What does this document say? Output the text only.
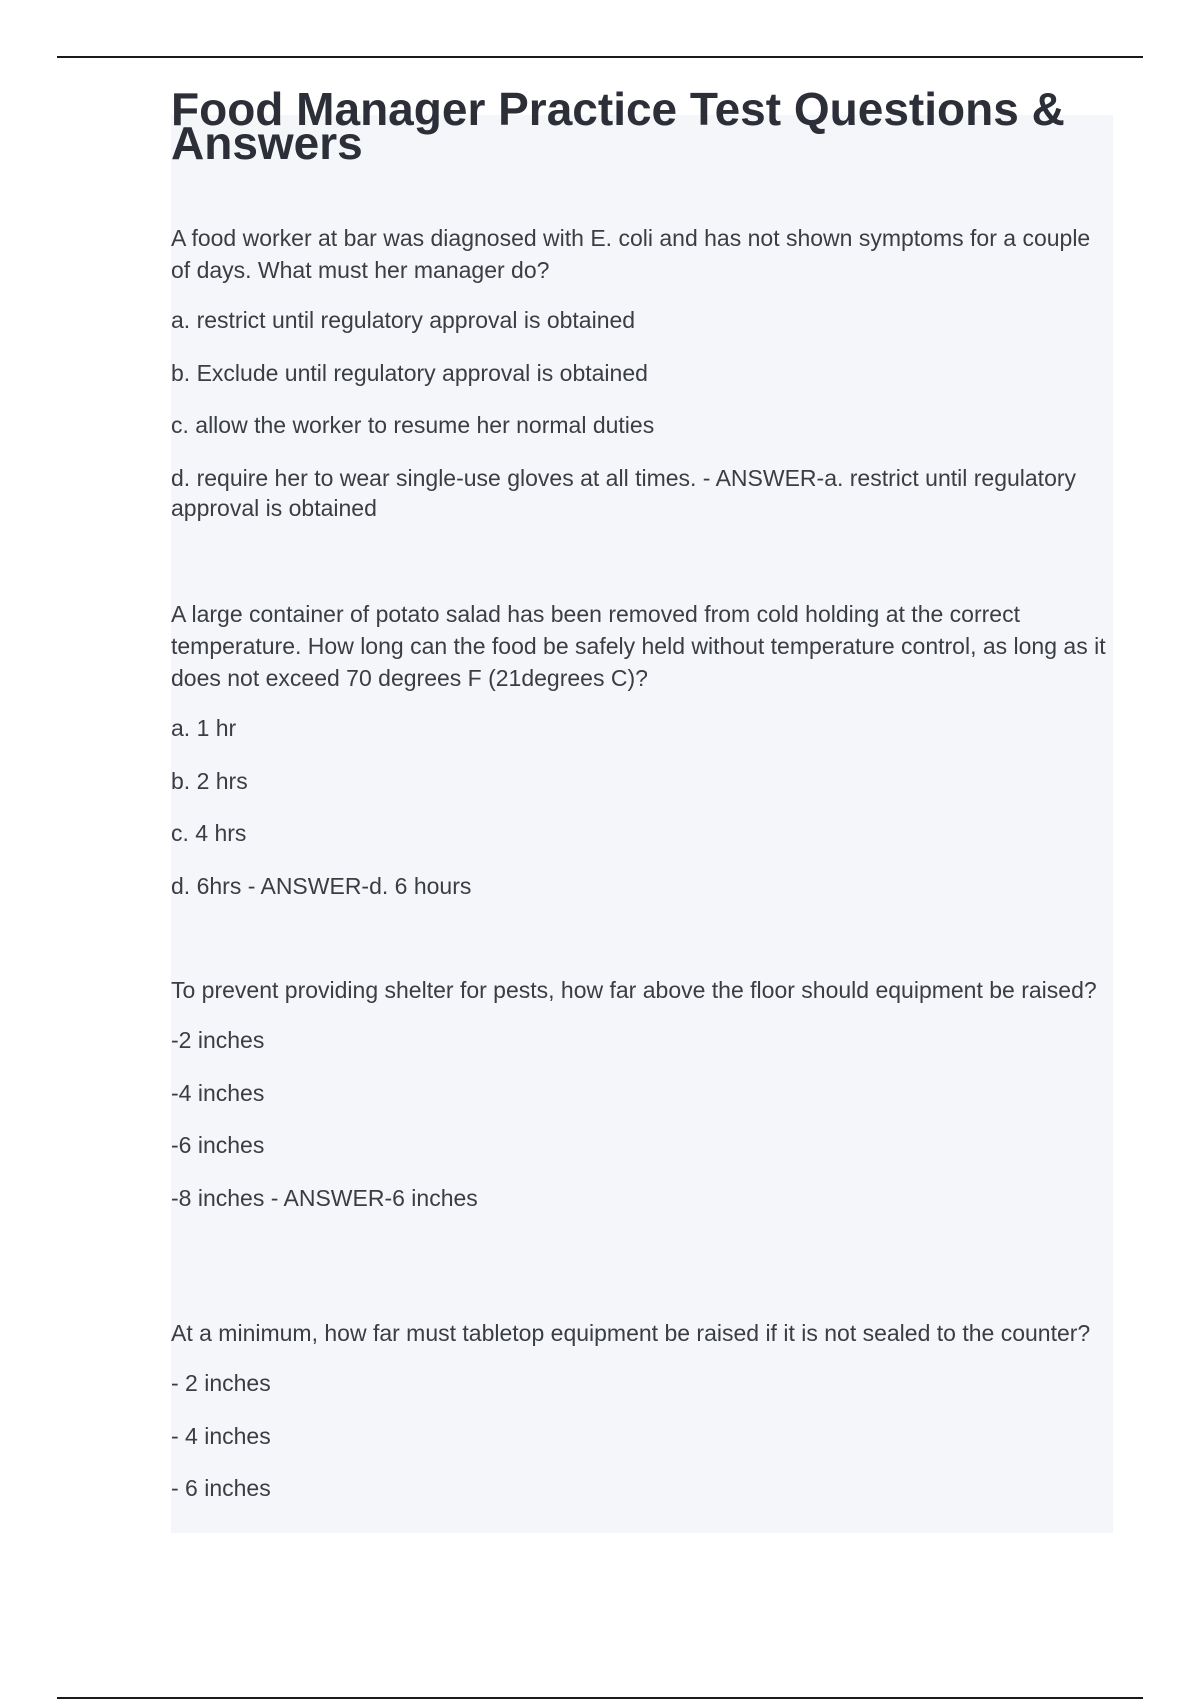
Food Manager Practice Test Questions & Answers

A food worker at bar was diagnosed with E. coli and has not shown symptoms for a couple of days. What must her manager do?

a. restrict until regulatory approval is obtained

b. Exclude until regulatory approval is obtained

c. allow the worker to resume her normal duties

d. require her to wear single-use gloves at all times. - ANSWER-a. restrict until regulatory approval is obtained

A large container of potato salad has been removed from cold holding at the correct temperature. How long can the food be safely held without temperature control, as long as it does not exceed 70 degrees F (21degrees C)?

a. 1 hr

b. 2 hrs

c. 4 hrs

d. 6hrs - ANSWER-d. 6 hours

To prevent providing shelter for pests, how far above the floor should equipment be raised?

-2 inches

-4 inches

-6 inches

-8 inches - ANSWER-6 inches

At a minimum, how far must tabletop equipment be raised if it is not sealed to the counter?

- 2 inches

- 4 inches

- 6 inches
